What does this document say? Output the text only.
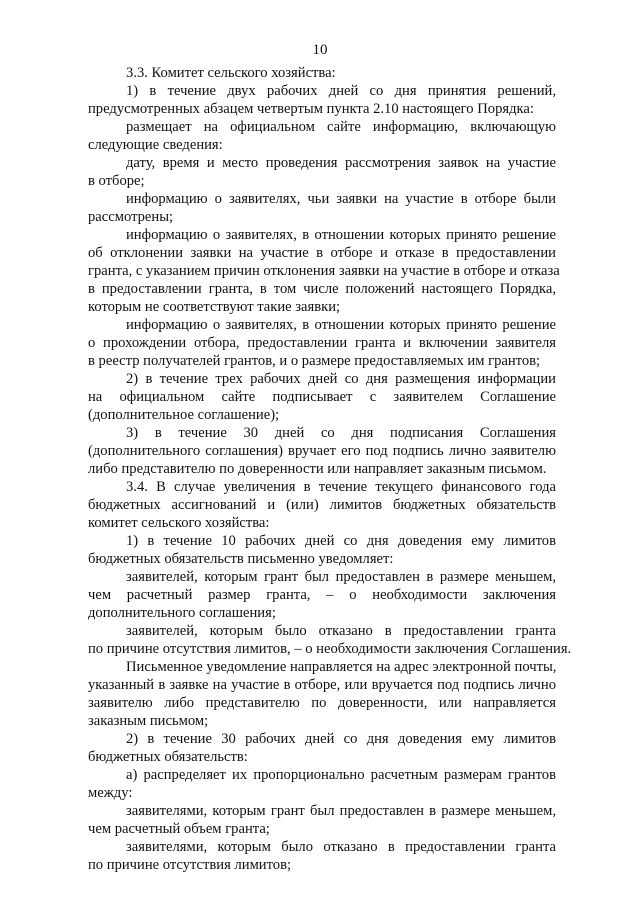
10
3.3. Комитет сельского хозяйства:
1) в течение двух рабочих дней со дня принятия решений,
предусмотренных абзацем четвертым пункта 2.10 настоящего Порядка:
размещает на официальном сайте информацию, включающую
следующие сведения:
дату, время и место проведения рассмотрения заявок на участие
в отборе;
информацию о заявителях, чьи заявки на участие в отборе были
рассмотрены;
информацию о заявителях, в отношении которых принято решение
об отклонении заявки на участие в отборе и отказе в предоставлении
гранта, с указанием причин отклонения заявки на участие в отборе и отказа
в предоставлении гранта, в том числе положений настоящего Порядка,
которым не соответствуют такие заявки;
информацию о заявителях, в отношении которых принято решение
о прохождении отбора, предоставлении гранта и включении заявителя
в реестр получателей грантов, и о размере предоставляемых им грантов;
2) в течение трех рабочих дней со дня размещения информации
на официальном сайте подписывает с заявителем Соглашение
(дополнительное соглашение);
3) в течение 30 дней со дня подписания Соглашения
(дополнительного соглашения) вручает его под подпись лично заявителю
либо представителю по доверенности или направляет заказным письмом.
3.4. В случае увеличения в течение текущего финансового года
бюджетных ассигнований и (или) лимитов бюджетных обязательств
комитет сельского хозяйства:
1) в течение 10 рабочих дней со дня доведения ему лимитов
бюджетных обязательств письменно уведомляет:
заявителей, которым грант был предоставлен в размере меньшем,
чем расчетный размер гранта, – о необходимости заключения
дополнительного соглашения;
заявителей, которым было отказано в предоставлении гранта
по причине отсутствия лимитов, – о необходимости заключения Соглашения.
Письменное уведомление направляется на адрес электронной почты,
указанный в заявке на участие в отборе, или вручается под подпись лично
заявителю либо представителю по доверенности, или направляется
заказным письмом;
2) в течение 30 рабочих дней со дня доведения ему лимитов
бюджетных обязательств:
а) распределяет их пропорционально расчетным размерам грантов
между:
заявителями, которым грант был предоставлен в размере меньшем,
чем расчетный объем гранта;
заявителями, которым было отказано в предоставлении гранта
по причине отсутствия лимитов;
